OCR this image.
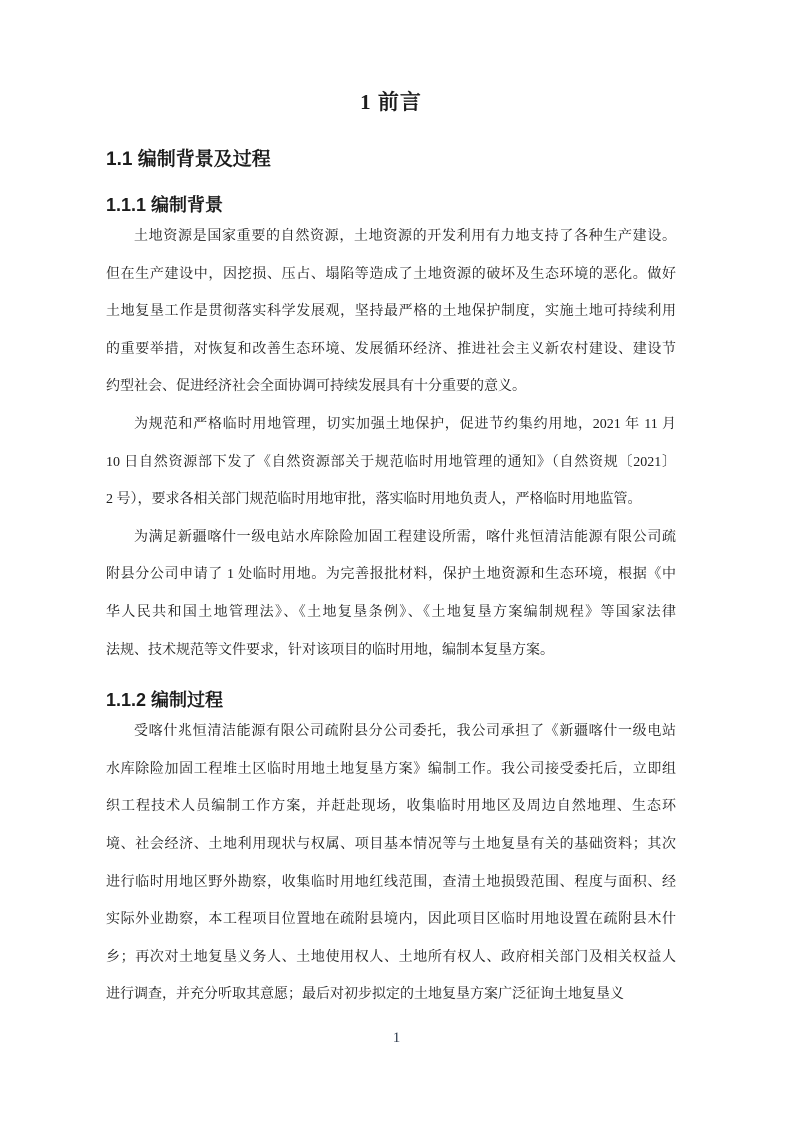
1 前言
1.1 编制背景及过程
1.1.1 编制背景
土地资源是国家重要的自然资源，土地资源的开发利用有力地支持了各种生产建设。
但在生产建设中，因挖损、压占、塌陷等造成了土地资源的破坏及生态环境的恶化。做好
土地复垦工作是贯彻落实科学发展观，坚持最严格的土地保护制度，实施土地可持续利用
的重要举措，对恢复和改善生态环境、发展循环经济、推进社会主义新农村建设、建设节
约型社会、促进经济社会全面协调可持续发展具有十分重要的意义。
为规范和严格临时用地管理，切实加强土地保护，促进节约集约用地，2021 年 11 月
10 日自然资源部下发了《自然资源部关于规范临时用地管理的通知》（自然资规〔2021〕
2 号），要求各相关部门规范临时用地审批，落实临时用地负责人，严格临时用地监管。
为满足新疆喀什一级电站水库除险加固工程建设所需，喀什兆恒清洁能源有限公司疏
附县分公司申请了 1 处临时用地。为完善报批材料，保护土地资源和生态环境，根据《中
华人民共和国土地管理法》、《土地复垦条例》、《土地复垦方案编制规程》等国家法律
法规、技术规范等文件要求，针对该项目的临时用地，编制本复垦方案。
1.1.2 编制过程
受喀什兆恒清洁能源有限公司疏附县分公司委托，我公司承担了《新疆喀什一级电站
水库除险加固工程堆土区临时用地土地复垦方案》编制工作。我公司接受委托后，立即组
织工程技术人员编制工作方案，并赶赴现场，收集临时用地区及周边自然地理、生态环
境、社会经济、土地利用现状与权属、项目基本情况等与土地复垦有关的基础资料；其次
进行临时用地区野外勘察，收集临时用地红线范围，查清土地损毁范围、程度与面积、经
实际外业勘察，本工程项目位置地在疏附县境内，因此项目区临时用地设置在疏附县木什
乡；再次对土地复垦义务人、土地使用权人、土地所有权人、政府相关部门及相关权益人
进行调查，并充分听取其意愿；最后对初步拟定的土地复垦方案广泛征询土地复垦义
1
